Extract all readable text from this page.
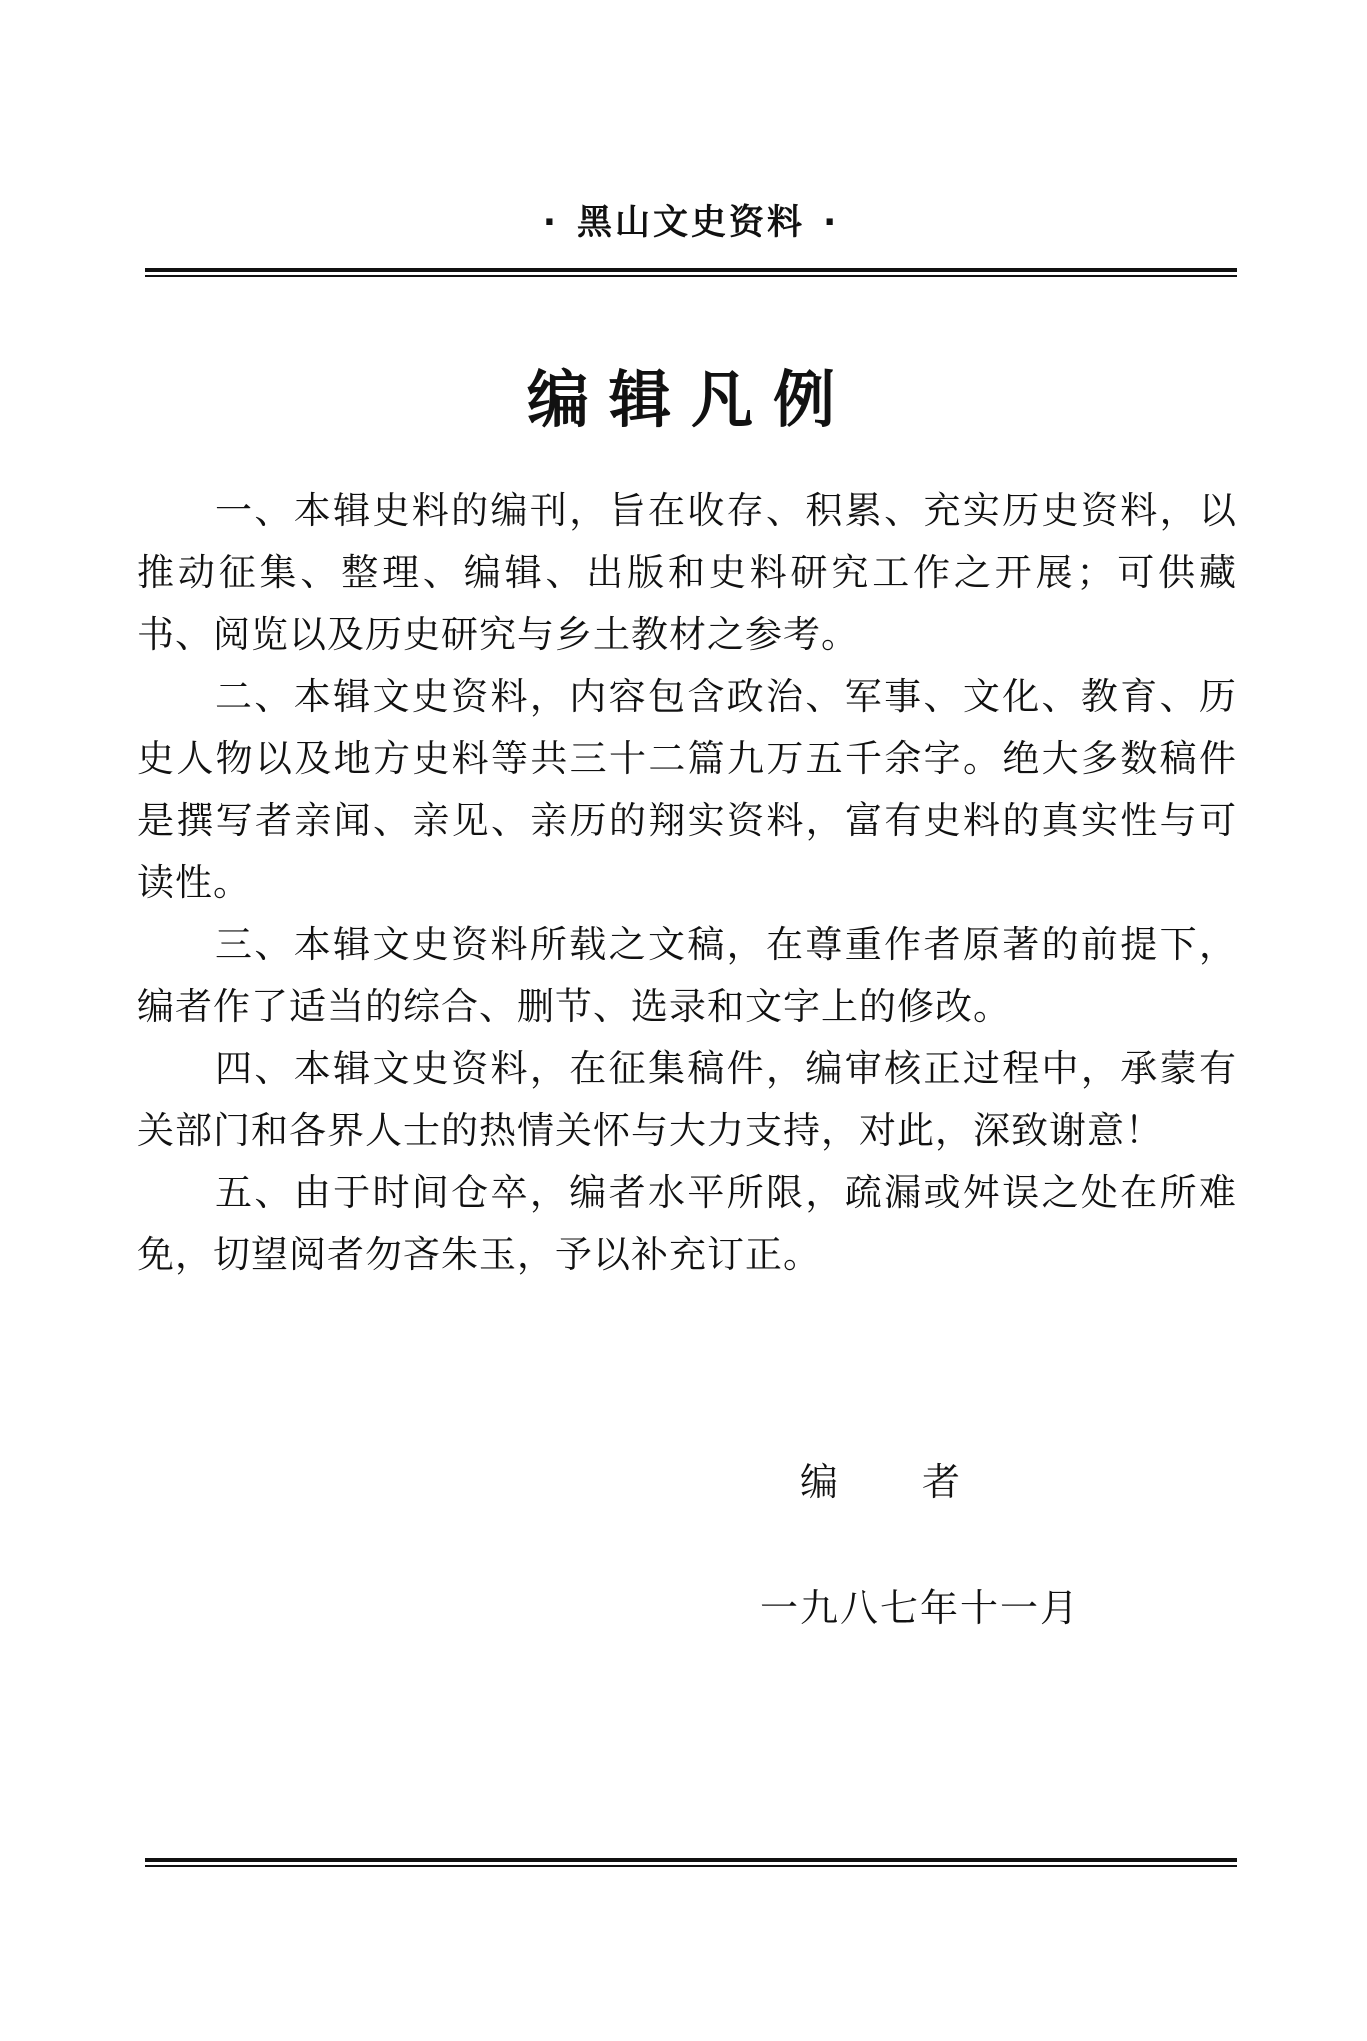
· 黑山文史资料 ·
编辑凡例

一、本辑史料的编刊，旨在收存、积累、充实历史资料，以推动征集、整理、编辑、出版和史料研究工作之开展；可供藏书、阅览以及历史研究与乡土教材之参考。

二、本辑文史资料，内容包含政治、军事、文化、教育、历史人物以及地方史料等共三十二篇九万五千余字。绝大多数稿件是撰写者亲闻、亲见、亲历的翔实资料，富有史料的真实性与可读性。

三、本辑文史资料所载之文稿，在尊重作者原著的前提下，编者作了适当的综合、删节、选录和文字上的修改。

四、本辑文史资料，在征集稿件，编审核正过程中，承蒙有关部门和各界人士的热情关怀与大力支持，对此，深致谢意！

五、由于时间仓卒，编者水平所限，疏漏或舛误之处在所难免，切望阅者勿吝朱玉，予以补充订正。

编者
一九八七年十一月
